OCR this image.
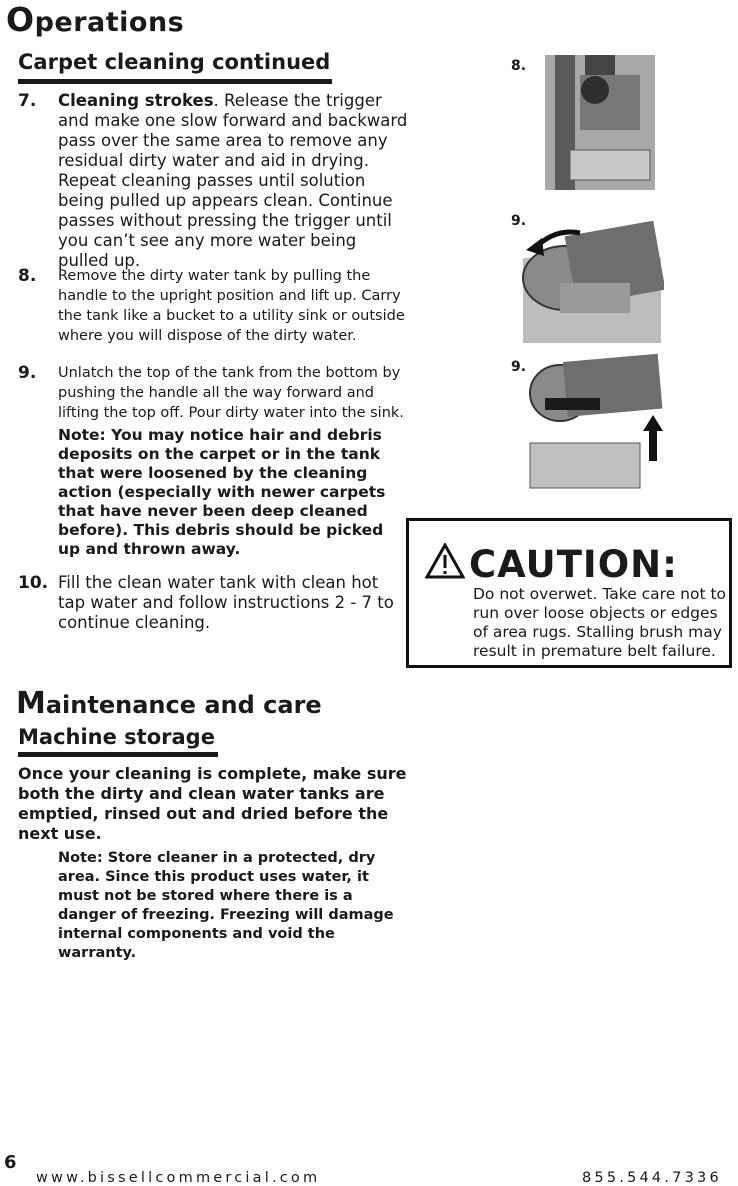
Operations
Carpet cleaning continued
7. Cleaning strokes. Release the trigger and make one slow forward and backward pass over the same area to remove any residual dirty water and aid in drying. Repeat cleaning passes until solution being pulled up appears clean. Continue passes without pressing the trigger until you can’t see any more water being pulled up.
8. Remove the dirty water tank by pulling the handle to the upright position and lift up. Carry the tank like a bucket to a utility sink or outside where you will dispose of the dirty water.
9. Unlatch the top of the tank from the bottom by pushing the handle all the way forward and lifting the top off. Pour dirty water into the sink.
Note: You may notice hair and debris deposits on the carpet or in the tank that were loosened by the cleaning action (especially with newer carpets that have never been deep cleaned before). This debris should be picked up and thrown away.
10. Fill the clean water tank with clean hot tap water and follow instructions 2 - 7 to continue cleaning.
8.
9.
9.
CAUTION:
Do not overwet. Take care not to run over loose objects or edges of area rugs. Stalling brush may result in premature belt failure.
Maintenance and care
Machine storage
Once your cleaning is complete, make sure both the dirty and clean water tanks are emptied, rinsed out and dried before the next use.
Note: Store cleaner in a protected, dry area. Since this product uses water, it must not be stored where there is a danger of freezing. Freezing will damage internal components and void the warranty.
6
www.bissellcommercial.com	855.544.7336
